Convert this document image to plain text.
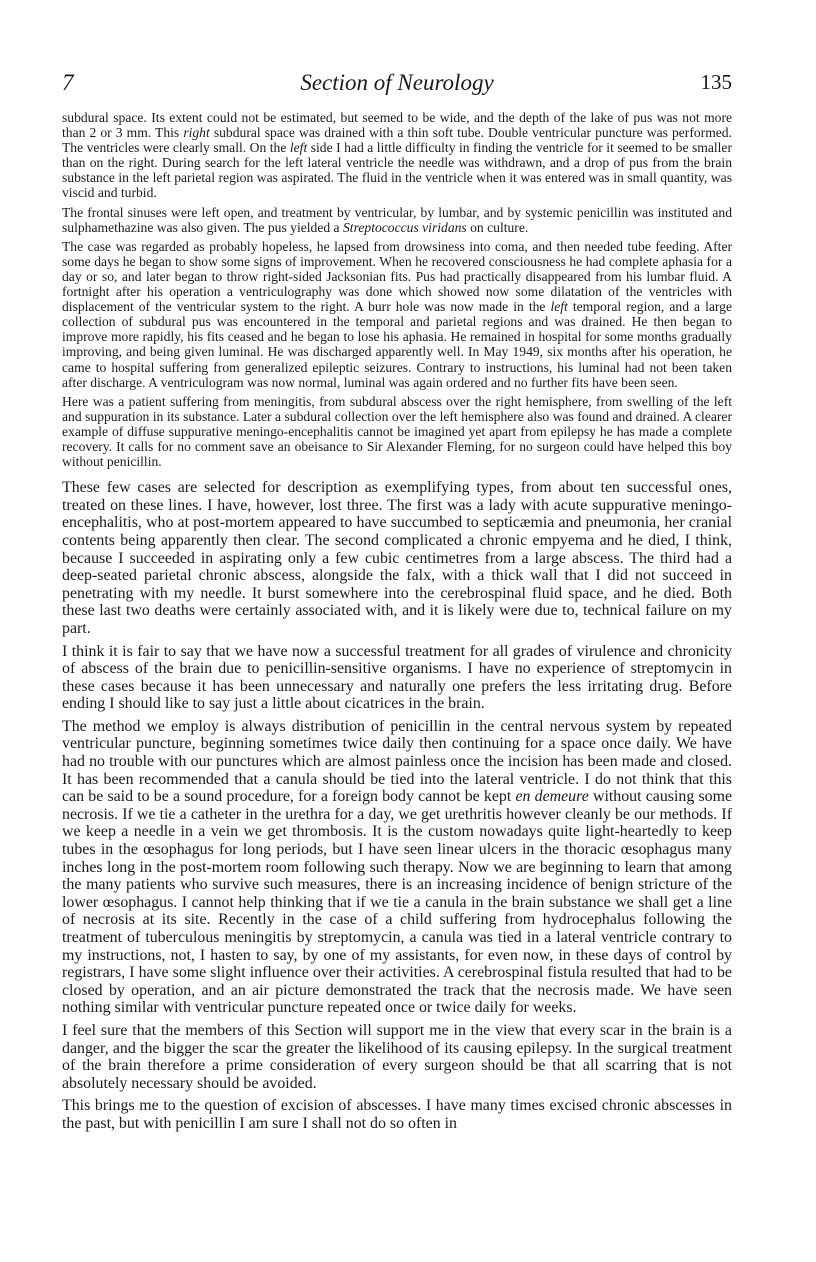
7	Section of Neurology	135

subdural space. Its extent could not be estimated, but seemed to be wide, and the depth of the lake of pus was not more than 2 or 3 mm. This right subdural space was drained with a thin soft tube. Double ventricular puncture was performed. The ventricles were clearly small. On the left side I had a little difficulty in finding the ventricle for it seemed to be smaller than on the right. During search for the left lateral ventricle the needle was withdrawn, and a drop of pus from the brain substance in the left parietal region was aspirated. The fluid in the ventricle when it was entered was in small quantity, was viscid and turbid.

The frontal sinuses were left open, and treatment by ventricular, by lumbar, and by systemic penicillin was instituted and sulphamethazine was also given. The pus yielded a Streptococcus viridans on culture.

The case was regarded as probably hopeless, he lapsed from drowsiness into coma, and then needed tube feeding. After some days he began to show some signs of improvement. When he recovered consciousness he had complete aphasia for a day or so, and later began to throw right-sided Jacksonian fits. Pus had practically disappeared from his lumbar fluid. A fortnight after his operation a ventriculography was done which showed now some dilatation of the ventricles with displacement of the ventricular system to the right. A burr hole was now made in the left temporal region, and a large collection of subdural pus was encountered in the temporal and parietal regions and was drained. He then began to improve more rapidly, his fits ceased and he began to lose his aphasia. He remained in hospital for some months gradually improving, and being given luminal. He was discharged apparently well. In May 1949, six months after his operation, he came to hospital suffering from generalized epileptic seizures. Contrary to instructions, his luminal had not been taken after discharge. A ventriculogram was now normal, luminal was again ordered and no further fits have been seen.

Here was a patient suffering from meningitis, from subdural abscess over the right hemisphere, from swelling of the left and suppuration in its substance. Later a subdural collection over the left hemisphere also was found and drained. A clearer example of diffuse suppurative meningo-encephalitis cannot be imagined yet apart from epilepsy he has made a complete recovery. It calls for no comment save an obeisance to Sir Alexander Fleming, for no surgeon could have helped this boy without penicillin.

These few cases are selected for description as exemplifying types, from about ten successful ones, treated on these lines. I have, however, lost three. The first was a lady with acute suppurative meningo-encephalitis, who at post-mortem appeared to have succumbed to septicæmia and pneumonia, her cranial contents being apparently then clear. The second complicated a chronic empyema and he died, I think, because I succeeded in aspirating only a few cubic centimetres from a large abscess. The third had a deep-seated parietal chronic abscess, alongside the falx, with a thick wall that I did not succeed in penetrating with my needle. It burst somewhere into the cerebrospinal fluid space, and he died. Both these last two deaths were certainly associated with, and it is likely were due to, technical failure on my part.

I think it is fair to say that we have now a successful treatment for all grades of virulence and chronicity of abscess of the brain due to penicillin-sensitive organisms. I have no experience of streptomycin in these cases because it has been unnecessary and naturally one prefers the less irritating drug. Before ending I should like to say just a little about cicatrices in the brain.

The method we employ is always distribution of penicillin in the central nervous system by repeated ventricular puncture, beginning sometimes twice daily then continuing for a space once daily. We have had no trouble with our punctures which are almost painless once the incision has been made and closed. It has been recommended that a canula should be tied into the lateral ventricle. I do not think that this can be said to be a sound procedure, for a foreign body cannot be kept en demeure without causing some necrosis. If we tie a catheter in the urethra for a day, we get urethritis however cleanly be our methods. If we keep a needle in a vein we get thrombosis. It is the custom nowadays quite light-heartedly to keep tubes in the œsophagus for long periods, but I have seen linear ulcers in the thoracic œsophagus many inches long in the post-mortem room following such therapy. Now we are beginning to learn that among the many patients who survive such measures, there is an increasing incidence of benign stricture of the lower œsophagus. I cannot help thinking that if we tie a canula in the brain substance we shall get a line of necrosis at its site. Recently in the case of a child suffering from hydrocephalus following the treatment of tuberculous meningitis by streptomycin, a canula was tied in a lateral ventricle contrary to my instructions, not, I hasten to say, by one of my assistants, for even now, in these days of control by registrars, I have some slight influence over their activities. A cerebrospinal fistula resulted that had to be closed by operation, and an air picture demonstrated the track that the necrosis made. We have seen nothing similar with ventricular puncture repeated once or twice daily for weeks.

I feel sure that the members of this Section will support me in the view that every scar in the brain is a danger, and the bigger the scar the greater the likelihood of its causing epilepsy. In the surgical treatment of the brain therefore a prime consideration of every surgeon should be that all scarring that is not absolutely necessary should be avoided.

This brings me to the question of excision of abscesses. I have many times excised chronic abscesses in the past, but with penicillin I am sure I shall not do so often in
